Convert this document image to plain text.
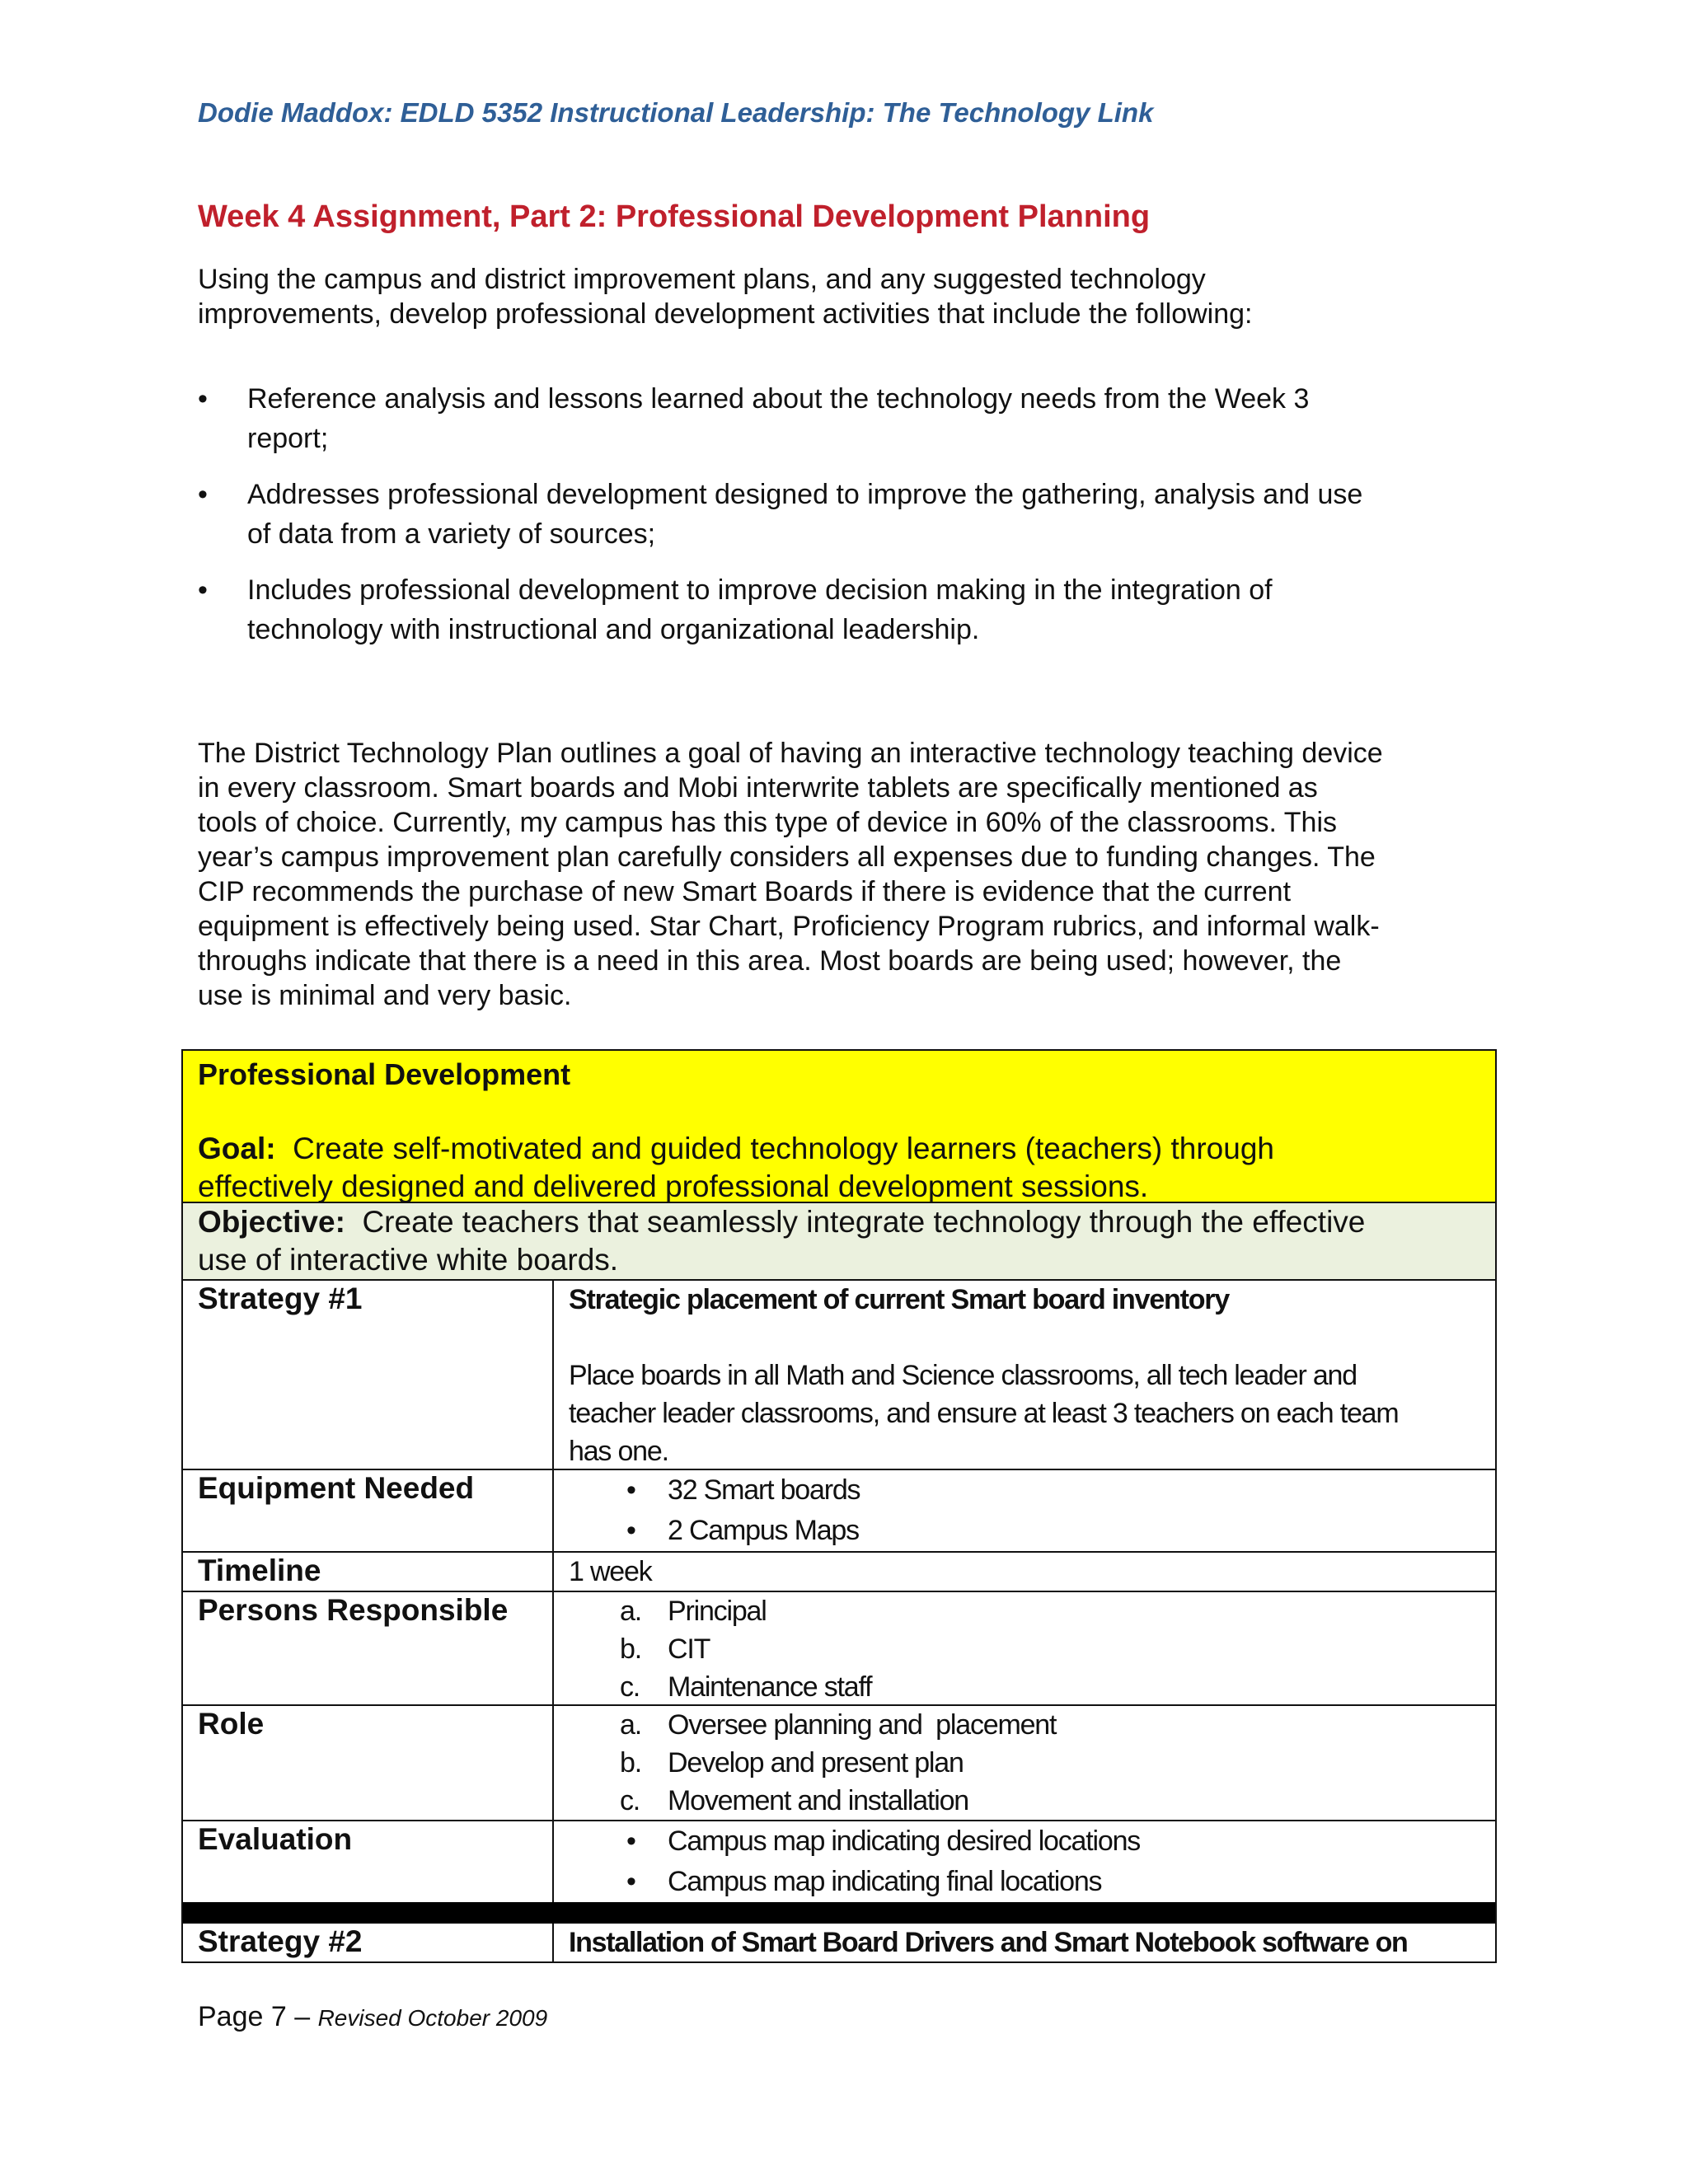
Dodie Maddox: EDLD 5352 Instructional Leadership: The Technology Link
Week 4 Assignment, Part 2: Professional Development Planning
Using the campus and district improvement plans, and any suggested technology
improvements, develop professional development activities that include the following:
• Reference analysis and lessons learned about the technology needs from the Week 3
report;
• Addresses professional development designed to improve the gathering, analysis and use
of data from a variety of sources;
• Includes professional development to improve decision making in the integration of
technology with instructional and organizational leadership.
The District Technology Plan outlines a goal of having an interactive technology teaching device
in every classroom. Smart boards and Mobi interwrite tablets are specifically mentioned as
tools of choice. Currently, my campus has this type of device in 60% of the classrooms. This
year’s campus improvement plan carefully considers all expenses due to funding changes. The
CIP recommends the purchase of new Smart Boards if there is evidence that the current
equipment is effectively being used. Star Chart, Proficiency Program rubrics, and informal walk-
throughs indicate that there is a need in this area. Most boards are being used; however, the
use is minimal and very basic.
Professional Development
Goal:  Create self-motivated and guided technology learners (teachers) through
effectively designed and delivered professional development sessions.
Objective:  Create teachers that seamlessly integrate technology through the effective
use of interactive white boards.
Strategy #1	Strategic placement of current Smart board inventory
Place boards in all Math and Science classrooms, all tech leader and
teacher leader classrooms, and ensure at least 3 teachers on each team
has one.
Equipment Needed	• 32 Smart boards
• 2 Campus Maps
Timeline	1 week
Persons Responsible	a. Principal
b. CIT
c. Maintenance staff
Role	a. Oversee planning and  placement
b. Develop and present plan
c. Movement and installation
Evaluation	• Campus map indicating desired locations
• Campus map indicating final locations
Strategy #2	Installation of Smart Board Drivers and Smart Notebook software on
Page 7 – Revised October 2009
